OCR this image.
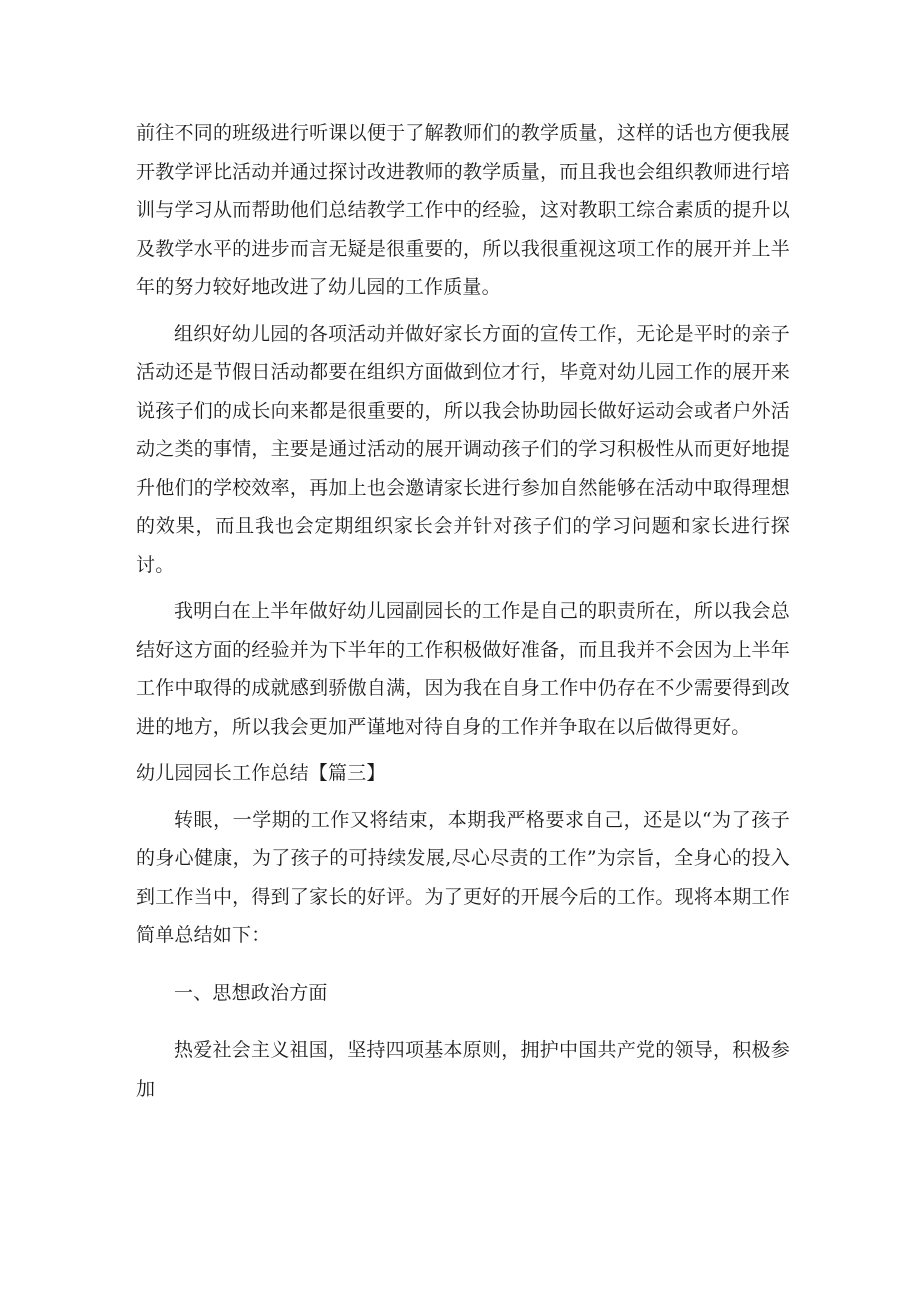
前往不同的班级进行听课以便于了解教师们的教学质量，这样的话也方便我展开教学评比活动并通过探讨改进教师的教学质量，而且我也会组织教师进行培训与学习从而帮助他们总结教学工作中的经验，这对教职工综合素质的提升以及教学水平的进步而言无疑是很重要的，所以我很重视这项工作的展开并上半年的努力较好地改进了幼儿园的工作质量。

组织好幼儿园的各项活动并做好家长方面的宣传工作，无论是平时的亲子活动还是节假日活动都要在组织方面做到位才行，毕竟对幼儿园工作的展开来说孩子们的成长向来都是很重要的，所以我会协助园长做好运动会或者户外活动之类的事情，主要是通过活动的展开调动孩子们的学习积极性从而更好地提升他们的学校效率，再加上也会邀请家长进行参加自然能够在活动中取得理想的效果，而且我也会定期组织家长会并针对孩子们的学习问题和家长进行探讨。

我明白在上半年做好幼儿园副园长的工作是自己的职责所在，所以我会总结好这方面的经验并为下半年的工作积极做好准备，而且我并不会因为上半年工作中取得的成就感到骄傲自满，因为我在自身工作中仍存在不少需要得到改进的地方，所以我会更加严谨地对待自身的工作并争取在以后做得更好。

幼儿园园长工作总结【篇三】

转眼，一学期的工作又将结束，本期我严格要求自己，还是以“为了孩子的身心健康，为了孩子的可持续发展,尽心尽责的工作”为宗旨，全身心的投入到工作当中，得到了家长的好评。为了更好的开展今后的工作。现将本期工作简单总结如下：

一、思想政治方面

热爱社会主义祖国，坚持四项基本原则，拥护中国共产党的领导，积极参加
